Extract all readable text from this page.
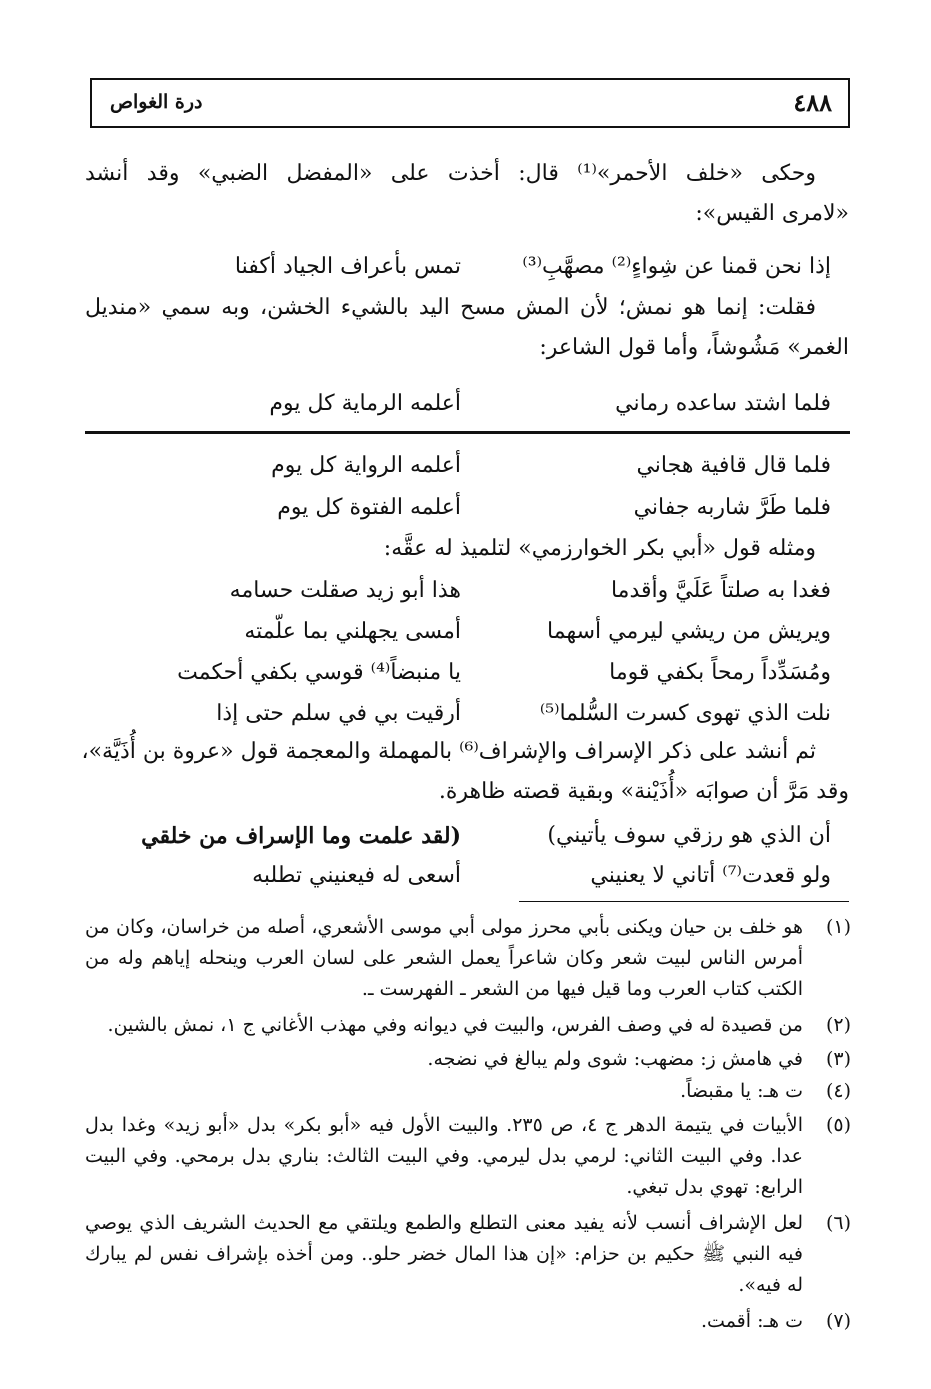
٤٨٨
درة الغواص
وحكى «خلف الأحمر»⁽¹⁾ قال: أخذت على «المفضل الضبي» وقد أنشد
«لامرى القيس»:
تمس بأعراف الجياد أكفنا	إذا نحن قمنا عن شِواءٍ⁽²⁾ مصهَّبِ⁽³⁾
فقلت: إنما هو نمش؛ لأن المش مسح اليد بالشيء الخشن، وبه سمي «منديل
الغمر» مَشُوشاً، وأما قول الشاعر:
أعلمه الرماية كل يوم	فلما اشتد ساعده رماني
أعلمه الرواية كل يوم	فلما قال قافية هجاني
أعلمه الفتوة كل يوم	فلما طَرَّ شاربه جفاني
ومثله قول «أبي بكر الخوارزمي» لتلميذ له عقَّه:
هذا أبو زيد صقلت حسامه	فغدا به صلتاً عَلَيَّ وأقدما
أمسى يجهلني بما علّمته	ويريش من ريشي ليرمي أسهما
يا منبضاً⁽⁴⁾ قوسي بكفي أحكمت	ومُسَدِّداً رمحاً بكفي قوما
أرقيت بي في سلم حتى إذا	نلت الذي تهوى كسرت السُّلما⁽⁵⁾
ثم أنشد على ذكر الإسراف والإشراف⁽⁶⁾ بالمهملة والمعجمة قول «عروة بن أُذَيَّة»،
وقد مَرَّ أن صوابَه «أُذَيْنة» وبقية قصته ظاهرة.
(لقد علمت وما الإسراف من خلقي	أن الذي هو رزقي سوف يأتيني)
أسعى له فيعنيني تطلبه	ولو قعدت⁽⁷⁾ أتاني لا يعنيني
(١)
هو خلف بن حيان ويكنى بأبي محرز مولى أبي موسى الأشعري، أصله من خراسان، وكان من أمرس الناس لبيت شعر وكان شاعراً يعمل الشعر على لسان العرب وينحله إياهم وله من الكتب كتاب العرب وما قيل فيها من الشعر ـ الفهرست ـ.
(٢)
من قصيدة له في وصف الفرس، والبيت في ديوانه وفي مهذب الأغاني ج ١، نمش بالشين.
(٣)
في هامش ز: مضهب: شوى ولم يبالغ في نضجه.
(٤)
ت هـ: يا مقبضاً.
(٥)
الأبيات في يتيمة الدهر ج ٤، ص ٢٣٥. والبيت الأول فيه «أبو بكر» بدل «أبو زيد» وغدا بدل عدا. وفي البيت الثاني: لرمي بدل ليرمي. وفي البيت الثالث: بناري بدل برمحي. وفي البيت الرابع: تهوي بدل تبغي.
(٦)
لعل الإشراف أنسب لأنه يفيد معنى التطلع والطمع ويلتقي مع الحديث الشريف الذي يوصي فيه النبي ﷺ حكيم بن حزام: «إن هذا المال خضر حلو.. ومن أخذه بإشراف نفس لم يبارك له فيه».
(٧)
ت هـ: أقمت.
